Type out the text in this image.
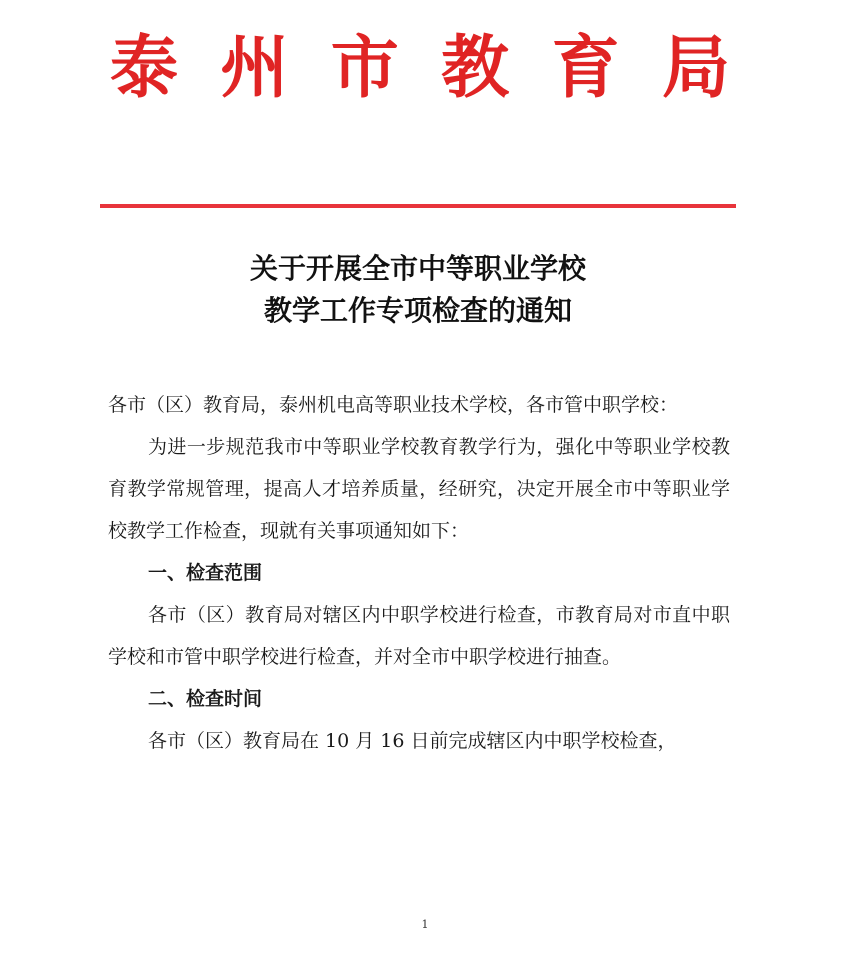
泰 州 市 教 育 局
关于开展全市中等职业学校
教学工作专项检查的通知

各市（区）教育局，泰州机电高等职业技术学校，各市管中职学校：

为进一步规范我市中等职业学校教育教学行为，强化中等职业学校教育教学常规管理，提高人才培养质量，经研究，决定开展全市中等职业学校教学工作检查，现就有关事项通知如下：

一、检查范围

各市（区）教育局对辖区内中职学校进行检查，市教育局对市直中职学校和市管中职学校进行检查，并对全市中职学校进行抽查。

二、检查时间

各市（区）教育局在 10 月 16 日前完成辖区内中职学校检查，

1
